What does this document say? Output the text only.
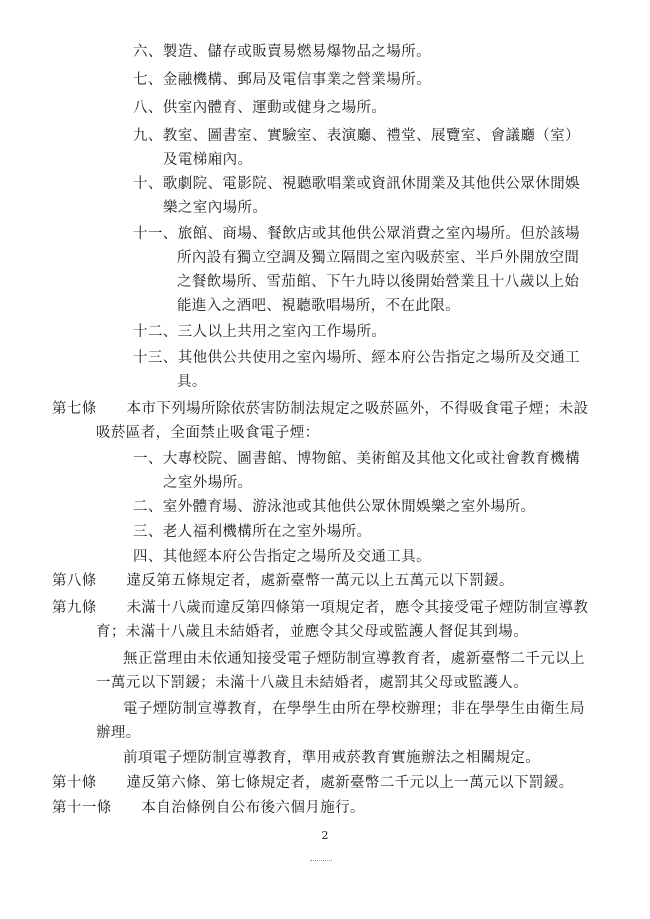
六、製造、儲存或販賣易燃易爆物品之場所。
七、金融機構、郵局及電信事業之營業場所。
八、供室內體育、運動或健身之場所。
九、教室、圖書室、實驗室、表演廳、禮堂、展覽室、會議廳（室）
及電梯廂內。
十、歌劇院、電影院、視聽歌唱業或資訊休閒業及其他供公眾休閒娛
樂之室內場所。
十一、旅館、商場、餐飲店或其他供公眾消費之室內場所。但於該場
所內設有獨立空調及獨立隔間之室內吸菸室、半戶外開放空間
之餐飲場所、雪茄館、下午九時以後開始營業且十八歲以上始
能進入之酒吧、視聽歌唱場所，不在此限。
十二、三人以上共用之室內工作場所。
十三、其他供公共使用之室內場所、經本府公告指定之場所及交通工
具。
第七條　　本市下列場所除依菸害防制法規定之吸菸區外，不得吸食電子煙；未設
吸菸區者，全面禁止吸食電子煙：
一、大專校院、圖書館、博物館、美術館及其他文化或社會教育機構
之室外場所。
二、室外體育場、游泳池或其他供公眾休閒娛樂之室外場所。
三、老人福利機構所在之室外場所。
四、其他經本府公告指定之場所及交通工具。
第八條　　違反第五條規定者，處新臺幣一萬元以上五萬元以下罰鍰。
第九條　　未滿十八歲而違反第四條第一項規定者，應令其接受電子煙防制宣導教
育；未滿十八歲且未結婚者，並應令其父母或監護人督促其到場。
無正當理由未依通知接受電子煙防制宣導教育者，處新臺幣二千元以上
一萬元以下罰鍰；未滿十八歲且未結婚者，處罰其父母或監護人。
電子煙防制宣導教育，在學學生由所在學校辦理；非在學學生由衛生局
辦理。
前項電子煙防制宣導教育，準用戒菸教育實施辦法之相關規定。
第十條　　違反第六條、第七條規定者，處新臺幣二千元以上一萬元以下罰鍰。
第十一條　　本自治條例自公布後六個月施行。
2
